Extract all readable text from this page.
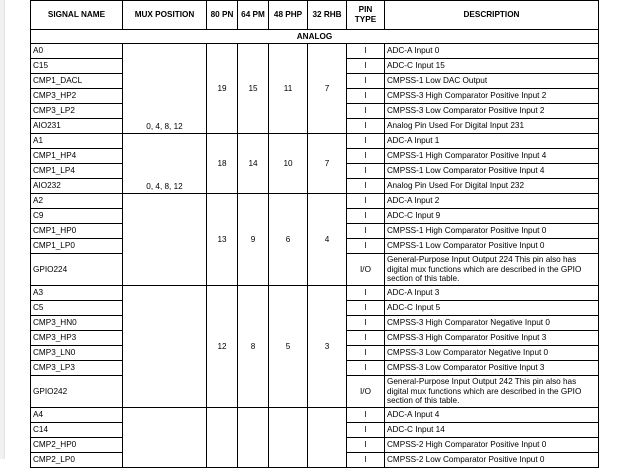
SIGNAL NAME	MUX POSITION	80 PN	64 PM	48 PHP	32 RHB	PIN TYPE	DESCRIPTION
ANALOG							
A0	0, 4, 8, 12	19	15	11	7	I	ADC-A Input 0
C15						I	ADC-C Input 15
CMP1_DACL						I	CMPSS-1 Low DAC Output
CMP3_HP2						I	CMPSS-3 High Comparator Positive Input 2
CMP3_LP2						I	CMPSS-3 Low Comparator Positive Input 2
AIO231						I	Analog Pin Used For Digital Input 231
A1	0, 4, 8, 12	18	14	10	7	I	ADC-A Input 1
CMP1_HP4						I	CMPSS-1 High Comparator Positive Input 4
CMP1_LP4						I	CMPSS-1 Low Comparator Positive Input 4
AIO232						I	Analog Pin Used For Digital Input 232
A2		13	9	6	4	I	ADC-A Input 2
C9						I	ADC-C Input 9
CMP1_HP0						I	CMPSS-1 High Comparator Positive Input 0
CMP1_LP0						I	CMPSS-1 Low Comparator Positive Input 0
GPIO224						I/O	General-Purpose Input Output 224 This pin also has digital mux functions which are described in the GPIO section of this table.
A3		12	8	5	3	I	ADC-A Input 3
C5						I	ADC-C Input 5
CMP3_HN0						I	CMPSS-3 High Comparator Negative Input 0
CMP3_HP3						I	CMPSS-3 High Comparator Positive Input 3
CMP3_LN0						I	CMPSS-3 Low Comparator Negative Input 0
CMP3_LP3						I	CMPSS-3 Low Comparator Positive Input 3
GPIO242						I/O	General-Purpose Input Output 242 This pin also has digital mux functions which are described in the GPIO section of this table.
A4						I	ADC-A Input 4
C14						I	ADC-C Input 14
CMP2_HP0						I	CMPSS-2 High Comparator Positive Input 0
CMP2_LP0						I	CMPSS-2 Low Comparator Positive Input 0
